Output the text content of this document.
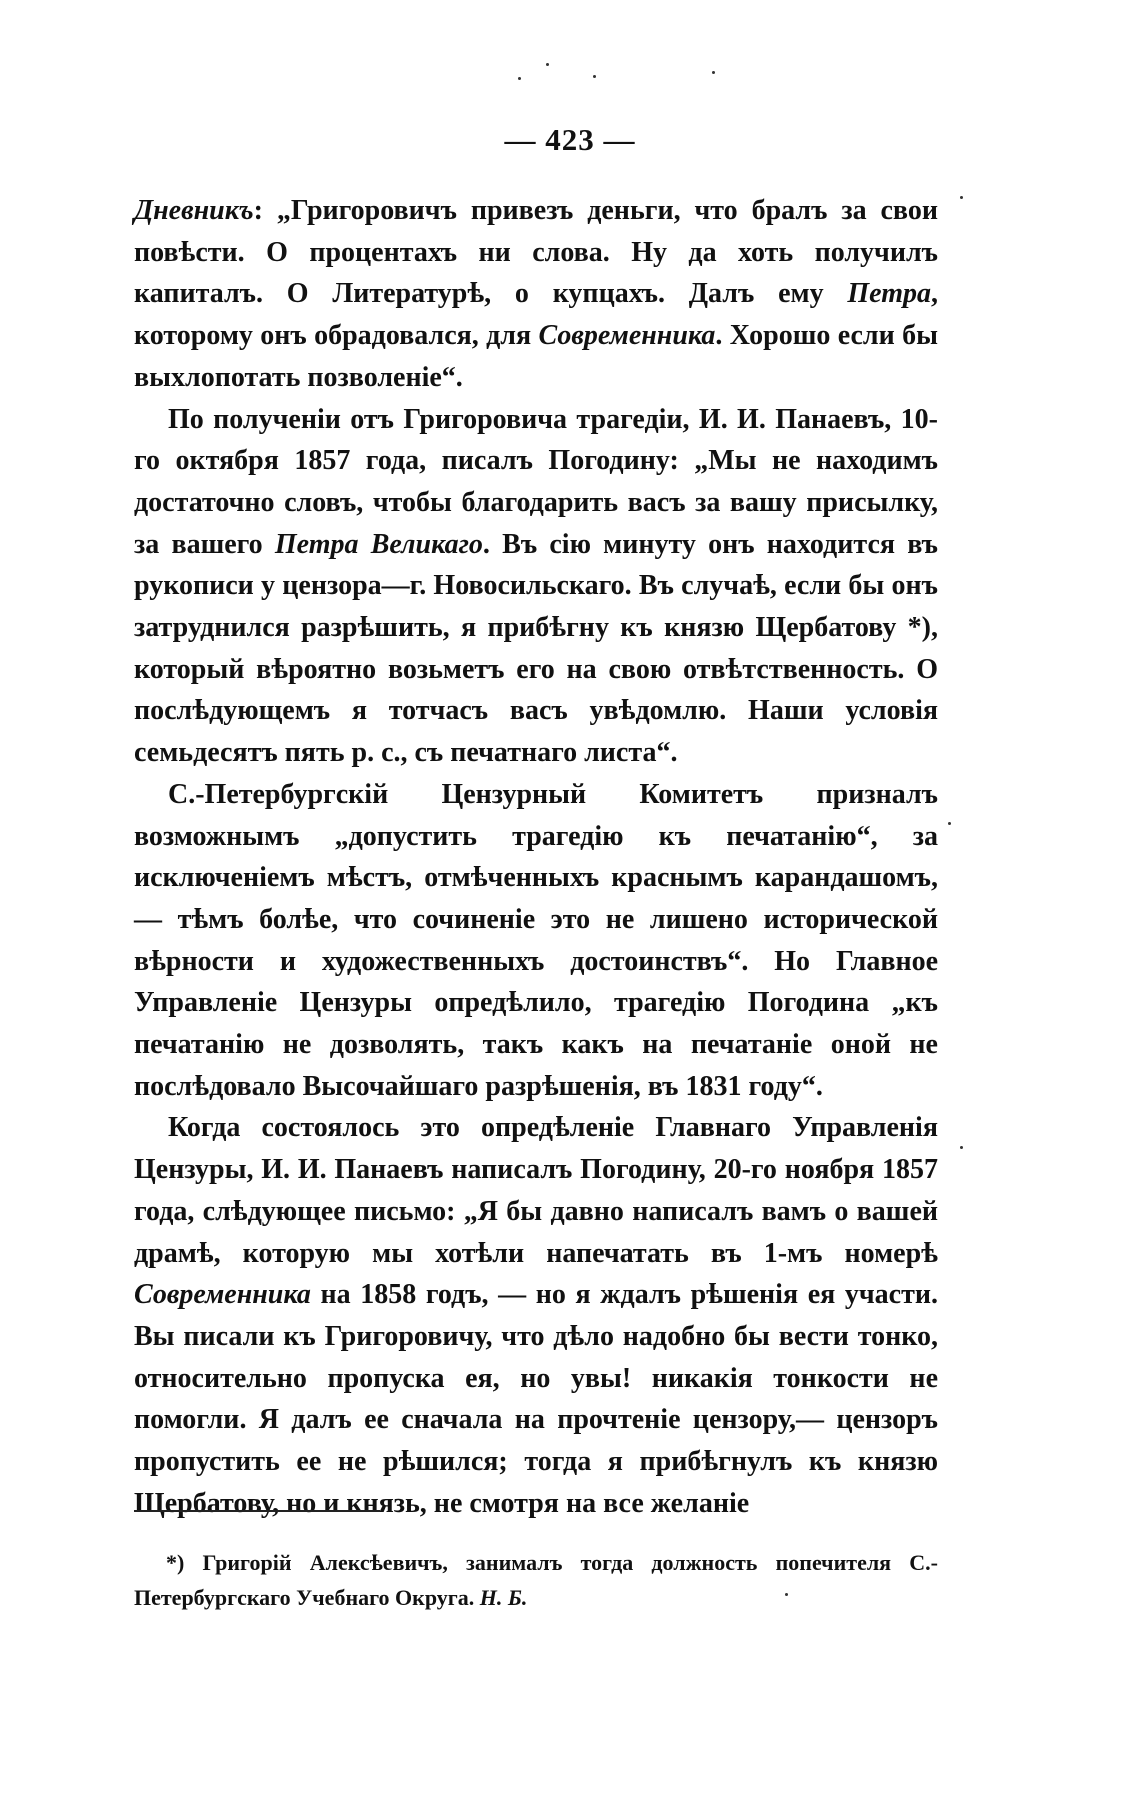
— 423 —

Дневникъ: „Григоровичъ привезъ деньги, что бралъ за свои повѣсти. О процентахъ ни слова. Ну да хоть получилъ капиталъ. О Литературѣ, о купцахъ. Далъ ему Петра, которому онъ обрадовался, для Современника. Хорошо если бы выхлопотать позволеніе“.

По полученіи отъ Григоровича трагедіи, И. И. Панаевъ, 10-го октября 1857 года, писалъ Погодину: „Мы не находимъ достаточно словъ, чтобы благодарить васъ за вашу присылку, за вашего Петра Великаго. Въ сію минуту онъ находится въ рукописи у цензора—г. Новосильскаго. Въ случаѣ, если бы онъ затруднился разрѣшить, я прибѣгну къ князю Щербатову *), который вѣроятно возьметъ его на свою отвѣтственность. О послѣдующемъ я тотчасъ васъ увѣдомлю. Наши условія семьдесятъ пять р. с., съ печатнаго листа“.

С.-Петербургскій Цензурный Комитетъ призналъ возможнымъ „допустить трагедію къ печатанію“, за исключеніемъ мѣстъ, отмѣченныхъ краснымъ карандашомъ, — тѣмъ болѣе, что сочиненіе это не лишено исторической вѣрности и художественныхъ достоинствъ“. Но Главное Управленіе Цензуры опредѣлило, трагедію Погодина „къ печатанію не дозволять, такъ какъ на печатаніе оной не послѣдовало Высочайшаго разрѣшенія, въ 1831 году“.

Когда состоялось это опредѣленіе Главнаго Управленія Цензуры, И. И. Панаевъ написалъ Погодину, 20-го ноября 1857 года, слѣдующее письмо: „Я бы давно написалъ вамъ о вашей драмѣ, которую мы хотѣли напечатать въ 1-мъ номерѣ Современника на 1858 годъ, — но я ждалъ рѣшенія ея участи. Вы писали къ Григоровичу, что дѣло надобно бы вести тонко, относительно пропуска ея, но увы! никакія тонкости не помогли. Я далъ ее сначала на прочтеніе цензору,— цензоръ пропустить ее не рѣшился; тогда я прибѣгнулъ къ князю Щербатову, но и князь, не смотря на все желаніе

*) Григорій Алексѣевичъ, занималъ тогда должность попечителя С.-Петербургскаго Учебнаго Округа. Н. Б.
